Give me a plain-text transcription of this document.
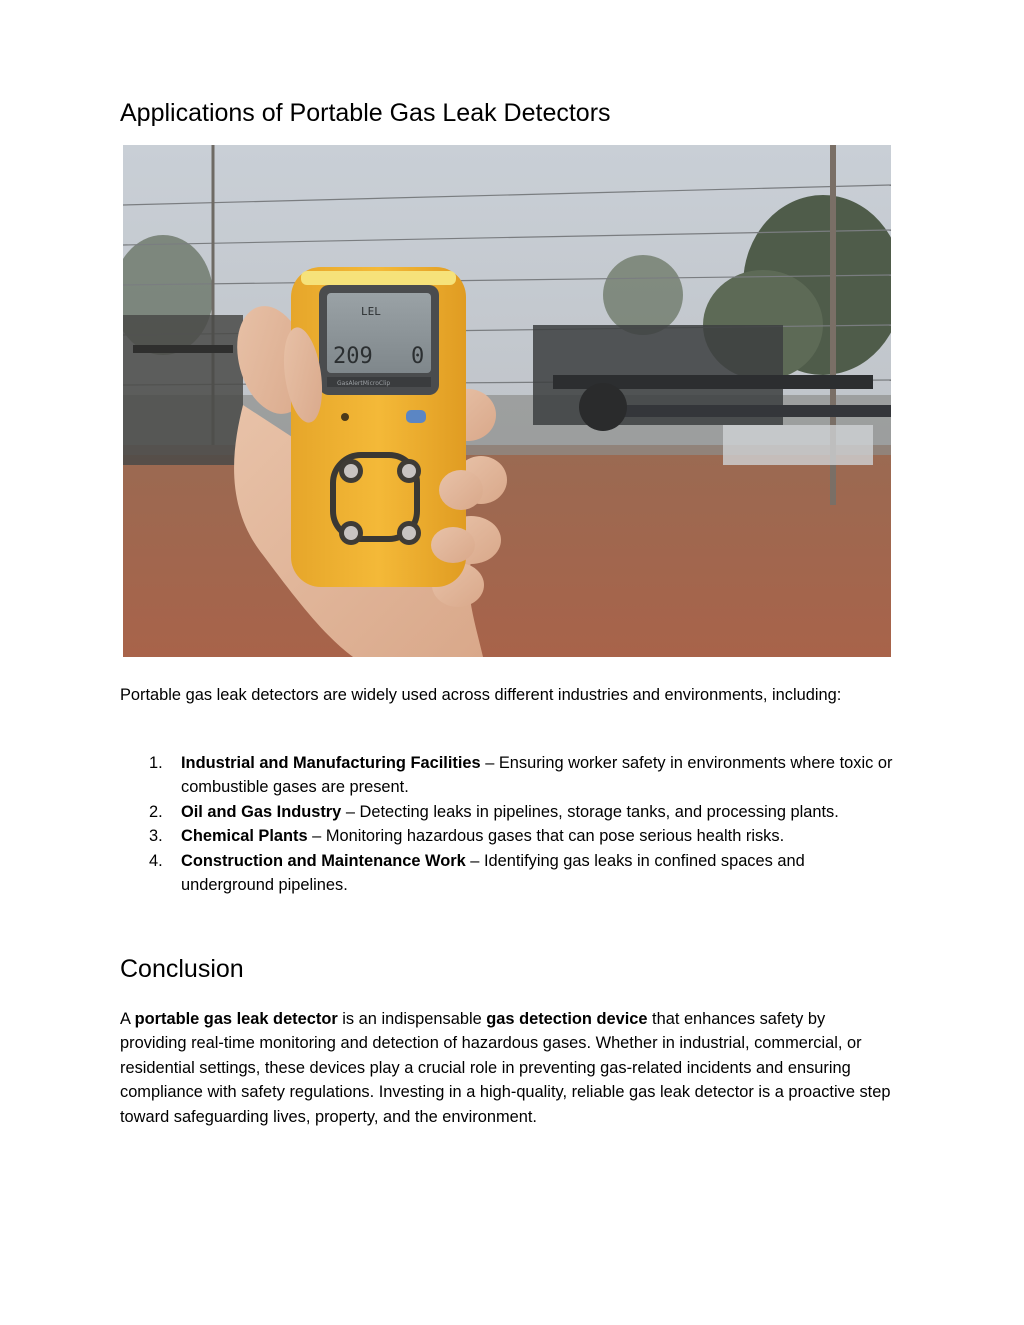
Applications of Portable Gas Leak Detectors
LEL
209 0
GasAlertMicroClip

Portable gas leak detectors are widely used across different industries and environments, including:

1. Industrial and Manufacturing Facilities – Ensuring worker safety in environments where toxic or combustible gases are present.
2. Oil and Gas Industry – Detecting leaks in pipelines, storage tanks, and processing plants.
3. Chemical Plants – Monitoring hazardous gases that can pose serious health risks.
4. Construction and Maintenance Work – Identifying gas leaks in confined spaces and underground pipelines.
Conclusion

A portable gas leak detector is an indispensable gas detection device that enhances safety by providing real-time monitoring and detection of hazardous gases. Whether in industrial, commercial, or residential settings, these devices play a crucial role in preventing gas-related incidents and ensuring compliance with safety regulations. Investing in a high-quality, reliable gas leak detector is a proactive step toward safeguarding lives, property, and the environment.
